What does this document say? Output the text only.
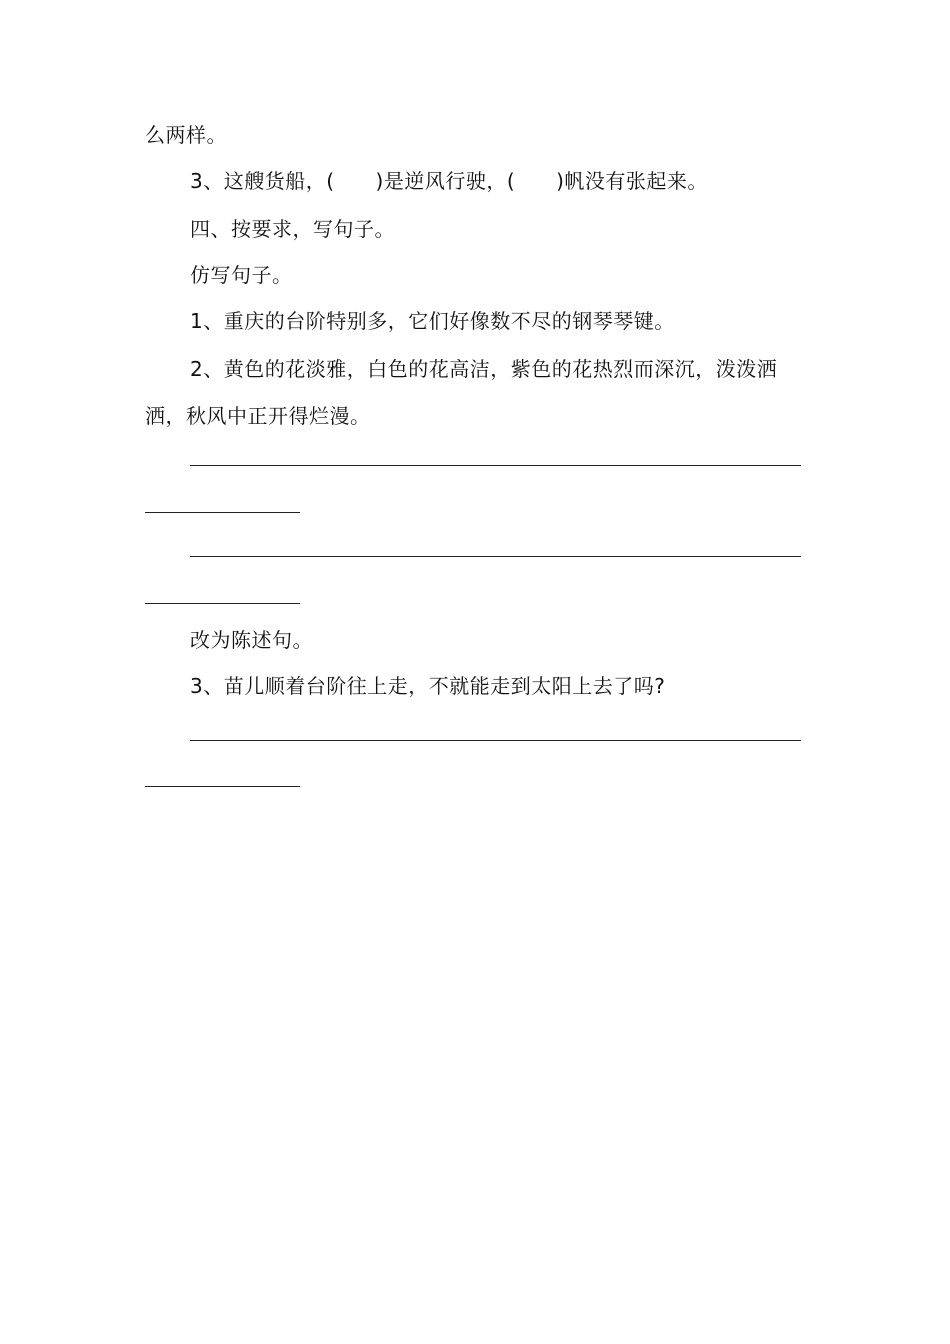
么两样。
3、这艘货船，(　　)是逆风行驶，(　　)帆没有张起来。
四、按要求，写句子。
仿写句子。
1、重庆的台阶特别多，它们好像数不尽的钢琴琴键。
2、黄色的花淡雅，白色的花高洁，紫色的花热烈而深沉，泼泼洒
洒，秋风中正开得烂漫。
改为陈述句。
3、苗儿顺着台阶往上走，不就能走到太阳上去了吗?
